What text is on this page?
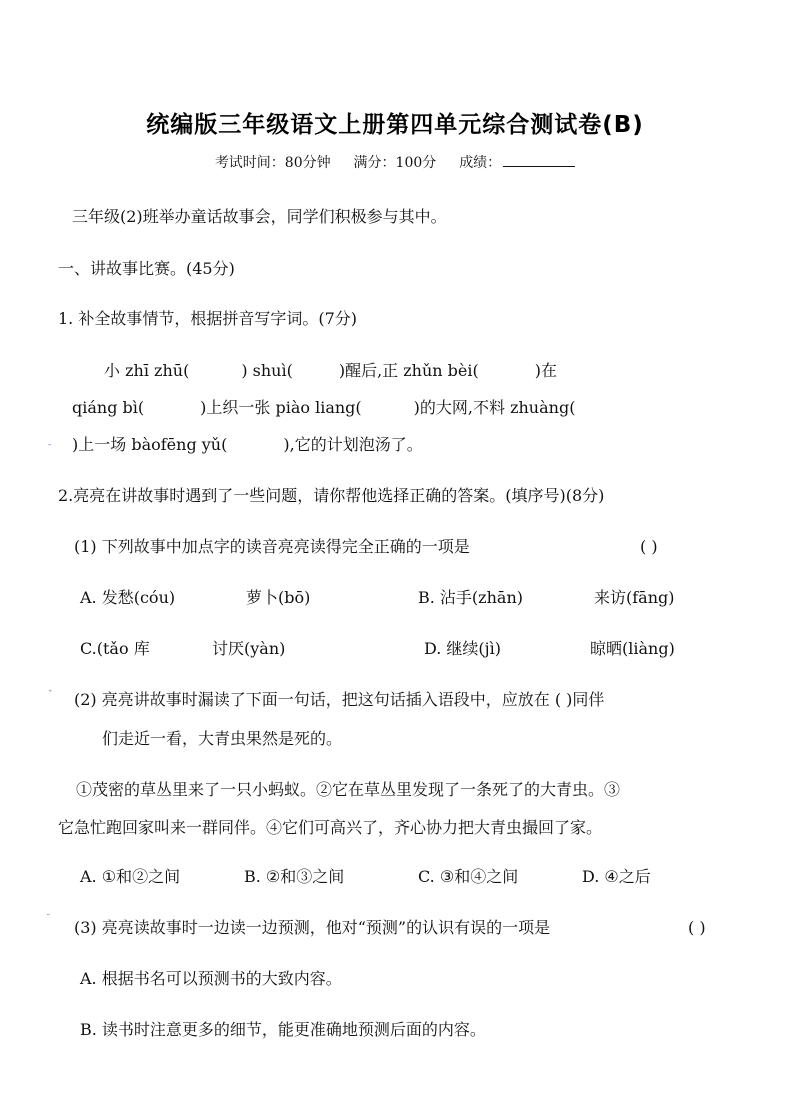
统编版三年级语文上册第四单元综合测试卷(B)
考试时间：80分钟 满分：100分 成绩：
三年级(2)班举办童话故事会，同学们积极参与其中。
一、讲故事比赛。(45分)
1. 补全故事情节，根据拼音写字词。(7分)
小 zhī zhū(	) shuì(	)醒后,正 zhǔn bèi(	)在
qiáng bì(	)上织一张 piào liang(	)的大网,不料 zhuàng(
- )上一场 bàofēng yǔ(	),它的计划泡汤了。
2.亮亮在讲故事时遇到了一些问题，请你帮他选择正确的答案。(填序号)(8分)
(1) 下列故事中加点字的读音亮亮读得完全正确的一项是	( )
A. 发愁(cóu)	萝卜(bō)	B. 沾手(zhān)	来访(fāng)
C.(tǎo 库	讨厌(yàn)	D. 继续(jì)	晾晒(liàng)
ˇ (2) 亮亮讲故事时漏读了下面一句话，把这句话插入语段中，应放在 ( )同伴
们走近一看，大青虫果然是死的。
①茂密的草丛里来了一只小蚂蚁。②它在草丛里发现了一条死了的大青虫。③
它急忙跑回家叫来一群同伴。④它们可高兴了，齐心协力把大青虫撮回了家。
A. ①和②之间	B. ②和③之间	C. ③和④之间	D. ④之后
˘ (3) 亮亮读故事时一边读一边预测，他对“预测”的认识有误的一项是	( )
A. 根据书名可以预测书的大致内容。
B. 读书时注意更多的细节，能更准确地预测后面的内容。
